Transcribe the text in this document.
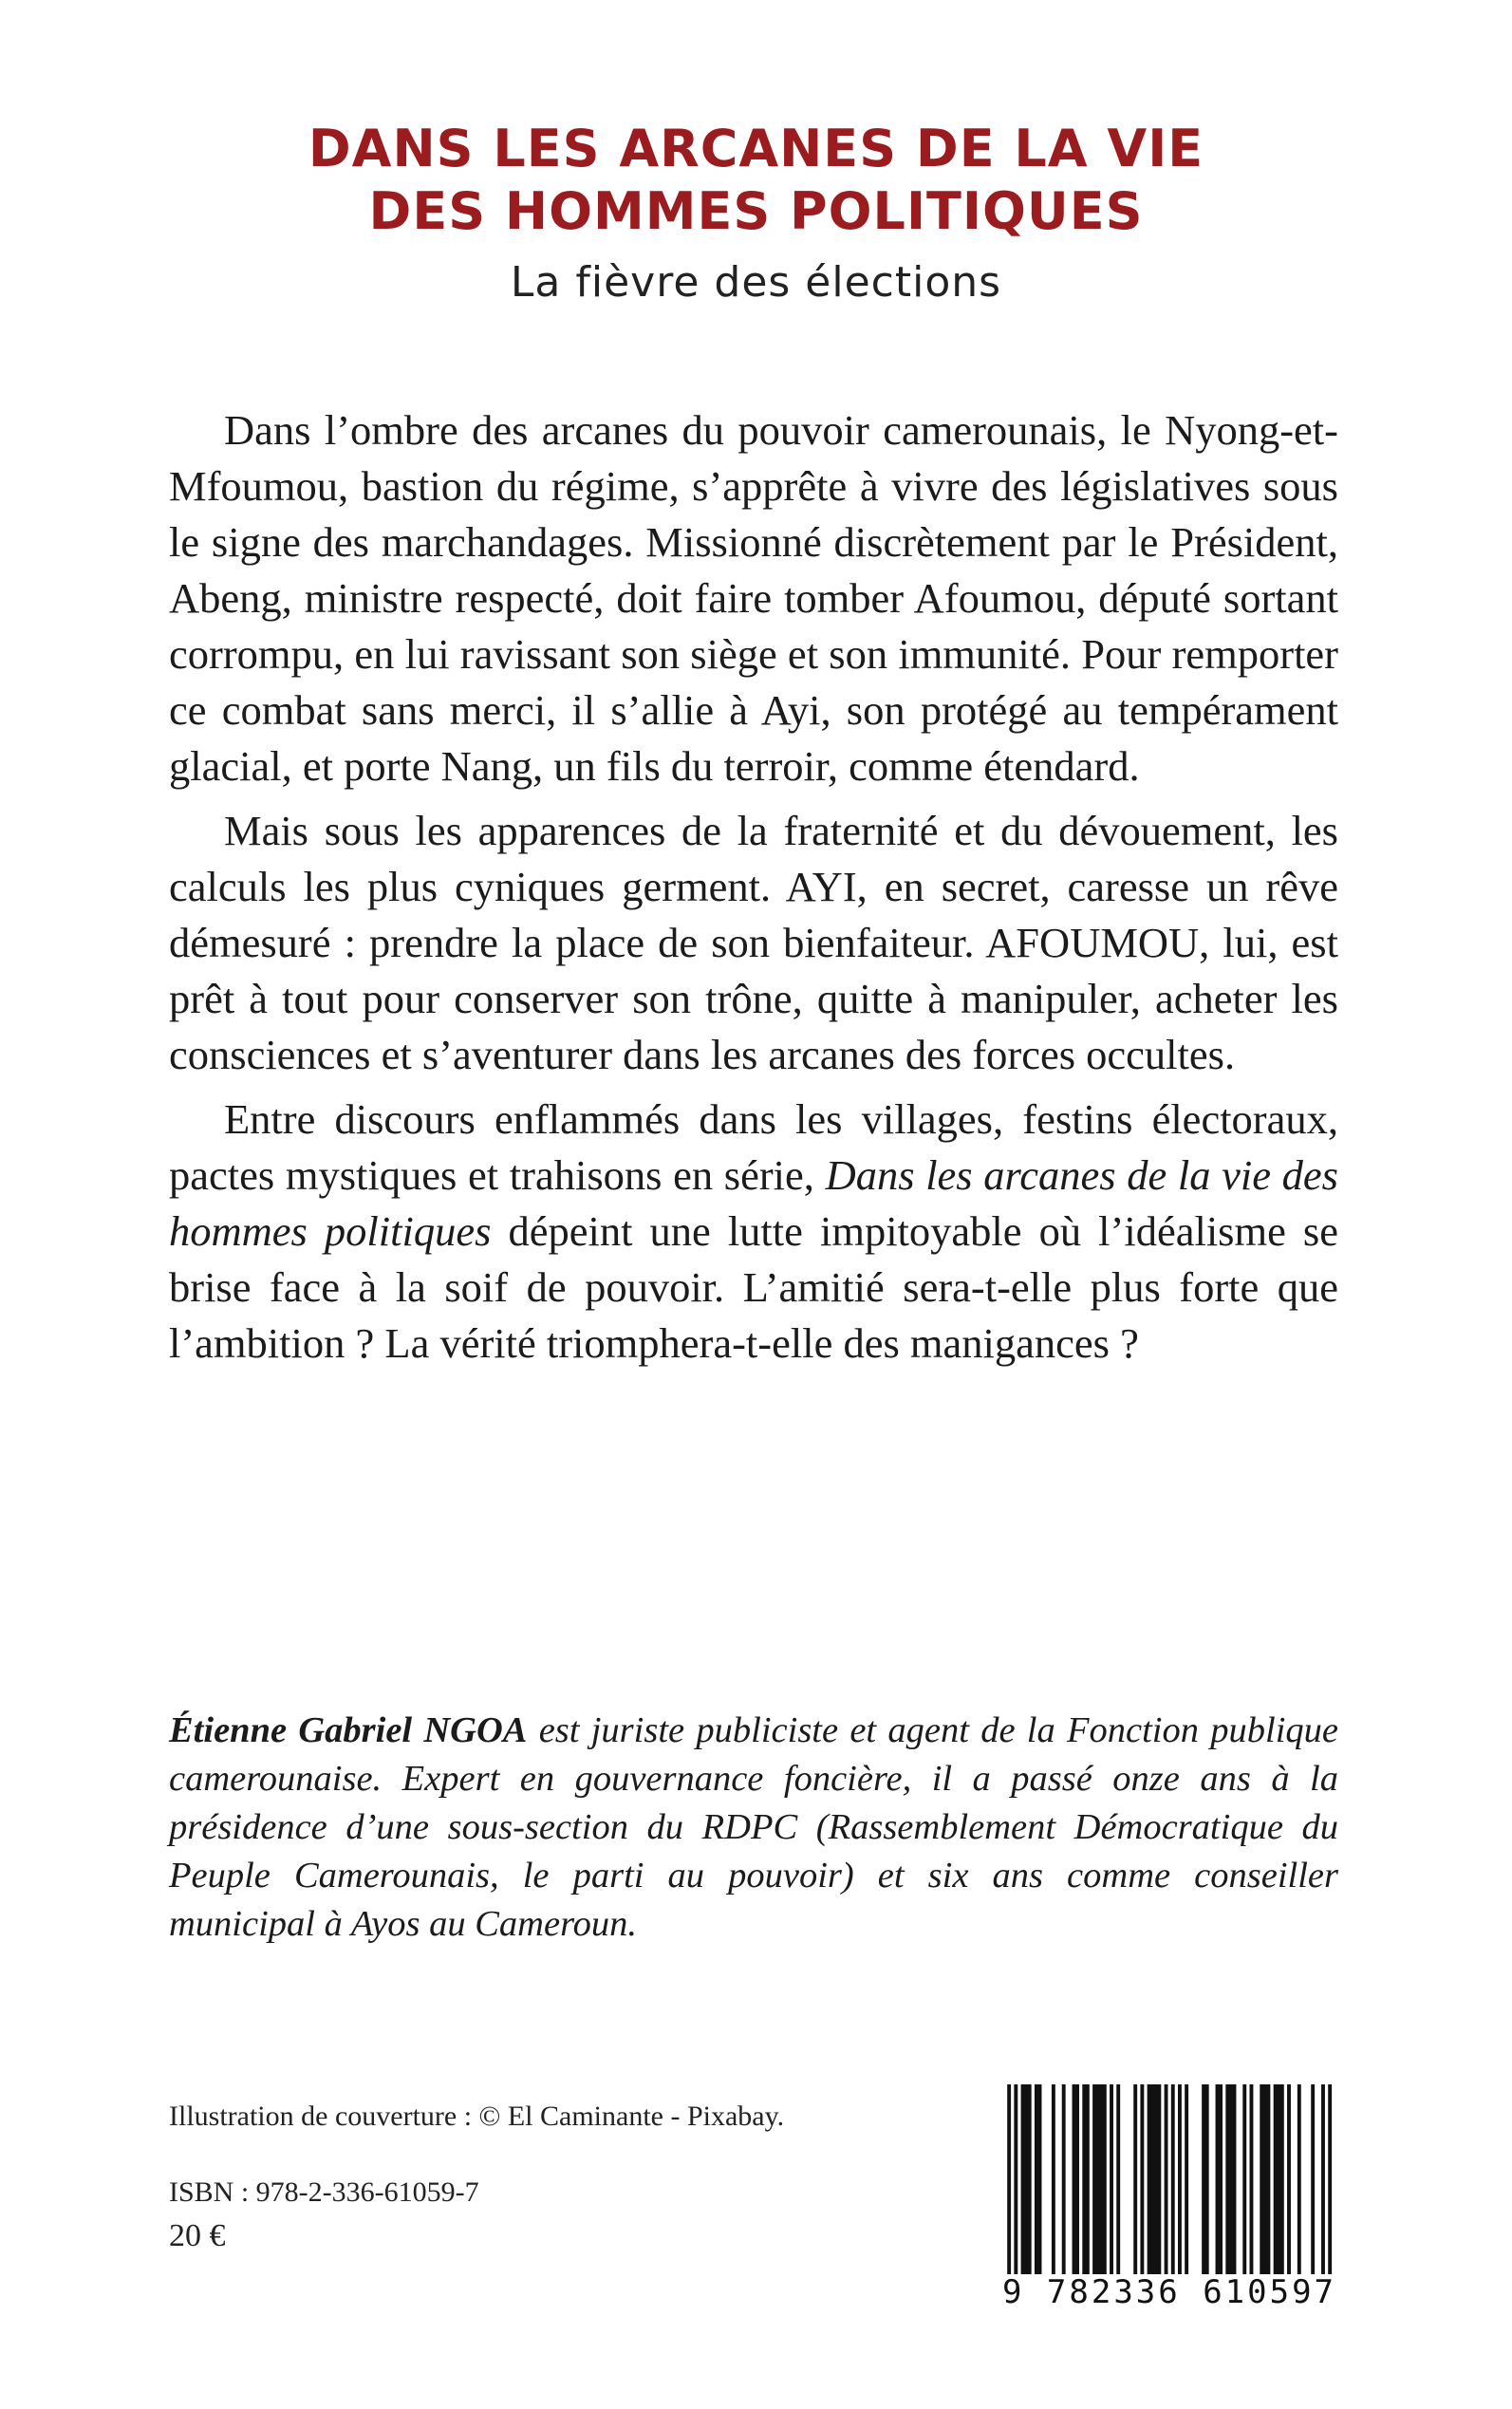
DANS LES ARCANES DE LA VIE
DES HOMMES POLITIQUES
La fièvre des élections

Dans l’ombre des arcanes du pouvoir camerounais, le Nyong-et-Mfoumou, bastion du régime, s’apprête à vivre des législatives sous le signe des marchandages. Missionné discrètement par le Président, Abeng, ministre respecté, doit faire tomber Afoumou, député sortant corrompu, en lui ravissant son siège et son immunité. Pour remporter ce combat sans merci, il s’allie à Ayi, son protégé au tempérament glacial, et porte Nang, un fils du terroir, comme étendard.

Mais sous les apparences de la fraternité et du dévouement, les calculs les plus cyniques germent. AYI, en secret, caresse un rêve démesuré : prendre la place de son bienfaiteur. AFOUMOU, lui, est prêt à tout pour conserver son trône, quitte à manipuler, acheter les consciences et s’aventurer dans les arcanes des forces occultes.

Entre discours enflammés dans les villages, festins électoraux, pactes mystiques et trahisons en série, Dans les arcanes de la vie des hommes politiques dépeint une lutte impitoyable où l’idéalisme se brise face à la soif de pouvoir. L’amitié sera-t-elle plus forte que l’ambition ? La vérité triomphera-t-elle des manigances ?

Étienne Gabriel NGOA est juriste publiciste et agent de la Fonction publique camerounaise. Expert en gouvernance foncière, il a passé onze ans à la présidence d’une sous-section du RDPC (Rassemblement Démocratique du Peuple Camerounais, le parti au pouvoir) et six ans comme conseiller municipal à Ayos au Cameroun.

Illustration de couverture : © El Caminante - Pixabay.
ISBN : 978-2-336-61059-7
20 €
9 782336 610597
